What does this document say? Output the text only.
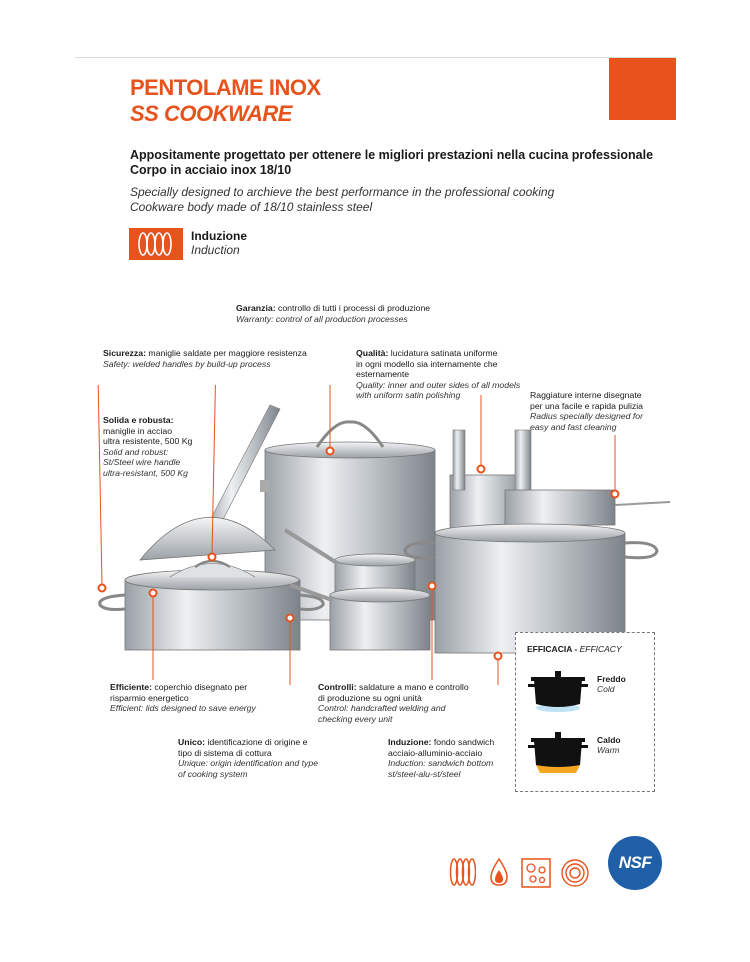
PENTOLAME INOX
SS COOKWARE
Appositamente progettato per ottenere le migliori prestazioni nella cucina professionale
Corpo in acciaio inox 18/10
Specially designed to archieve the best performance in the professional cooking
Cookware body made of 18/10 stainless steel
Induzione
Induction
Garanzia: controllo di tutti i processi di produzione
Warranty: control of all production processes
Sicurezza: maniglie saldate per maggiore resistenza
Safety: welded handles by build-up process
Qualità: lucidatura satinata uniforme
in ogni modello sia internamente che
esternamente
Quality: inner and outer sides of all models
with uniform satin polishing	Raggiature interne disegnate
per una facile e rapida pulizia
Radius specially designed for
easy and fast cleaning
Solida e robusta:
maniglie in acciao
ultra resistente, 500 Kg
Solid and robust:
St/Steel wire handle
ultra-resistant, 500 Kg
Efficiente: coperchio disegnato per
risparmio energetico
Efficient: lids designed to save energy
Controlli: saldature a mano e controllo
di produzione su ogni unità
Control: handcrafted welding and
checking every unit
Unico: identificazione di origine e
tipo di sistema di cottura
Unique: origin identification and type
of cooking system
Induzione: fondo sandwich
acciaio-alluminio-acciaio
Induction: sandwich bottom
st/steel-alu-st/steel
EFFICACIA - EFFICACY
Freddo
Cold
Caldo
Warm
NSF
